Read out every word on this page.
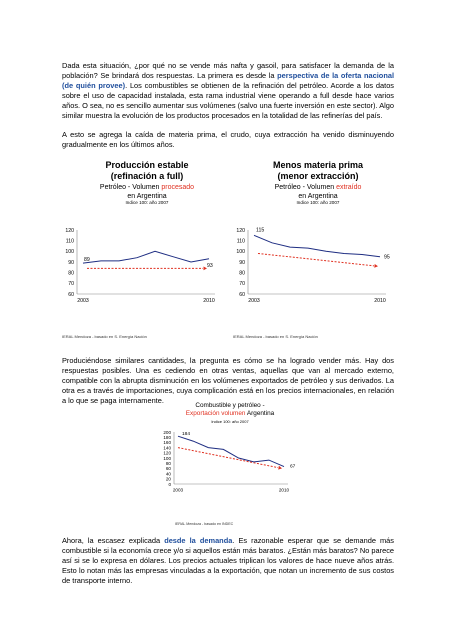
Dada esta situación, ¿por qué no se vende más nafta y gasoil, para satisfacer la demanda de la población? Se brindará dos respuestas. La primera es desde la perspectiva de la oferta nacional (de quién provee). Los combustibles se obtienen de la refinación del petróleo. Acorde a los datos sobre el uso de capacidad instalada, esta rama industrial viene operando a full desde hace varios años. O sea, no es sencillo aumentar sus volúmenes (salvo una fuerte inversión en este sector). Algo similar muestra la evolución de los productos procesados en la totalidad de las refinerías del país.

A esto se agrega la caída de materia prima, el crudo, cuya extracción ha venido disminuyendo gradualmente en los últimos años.

Producción estable
(refinación a full)
Petróleo - Volumen procesado
en Argentina
Indice 100: año 2007
Menos materia prima
(menor extracción)
Petróleo - Volumen extraído
en Argentina
Indice 100: año 2007
120
110
100
90
80
70
60
2003	2010
89
93
IERAL Mendoza - basado en S. Energía Nación
120
110
100
90
80
70
60
2003	2010
115
95
IERAL Mendoza - basado en S. Energía Nación

Produciéndose similares cantidades, la pregunta es cómo se ha logrado vender más. Hay dos respuestas posibles. Una es cediendo en otras ventas, aquellas que van al mercado externo, compatible con la abrupta disminución en los volúmenes exportados de petróleo y sus derivados. La otra es a través de importaciones, cuya complicación está en los precios internacionales, en relación a lo que se paga internamente.

Combustible y petróleo -
Exportación volumen Argentina
Indice 100: año 2007
200
180
160
140
120
100
80
60
40
20
0
2003	2010
184
67
IERAL Mendoza - basado en INDEC

Ahora, la escasez explicada desde la demanda. Es razonable esperar que se demande más combustible si la economía crece y/o si aquellos están más baratos. ¿Están más baratos? No parece así si se lo expresa en dólares. Los precios actuales triplican los valores de hace nueve años atrás. Esto lo notan más las empresas vinculadas a la exportación, que notan un incremento de sus costos de transporte interno.
